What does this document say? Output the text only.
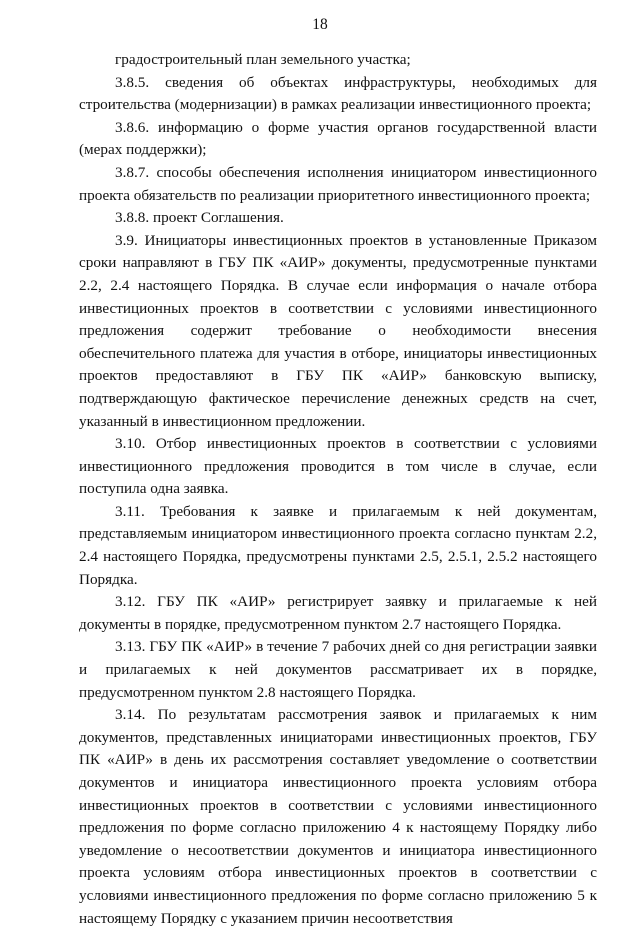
18

градостроительный план земельного участка;

3.8.5. сведения об объектах инфраструктуры, необходимых для строительства (модернизации) в рамках реализации инвестиционного проекта;

3.8.6. информацию о форме участия органов государственной власти (мерах поддержки);

3.8.7. способы обеспечения исполнения инициатором инвестиционного проекта обязательств по реализации приоритетного инвестиционного проекта;

3.8.8. проект Соглашения.

3.9. Инициаторы инвестиционных проектов в установленные Приказом сроки направляют в ГБУ ПК «АИР» документы, предусмотренные пунктами 2.2, 2.4 настоящего Порядка. В случае если информация о начале отбора инвестиционных проектов в соответствии с условиями инвестиционного предложения содержит требование о необходимости внесения обеспечительного платежа для участия в отборе, инициаторы инвестиционных проектов предоставляют в ГБУ ПК «АИР» банковскую выписку, подтверждающую фактическое перечисление денежных средств на счет, указанный в инвестиционном предложении.

3.10. Отбор инвестиционных проектов в соответствии с условиями инвестиционного предложения проводится в том числе в случае, если поступила одна заявка.

3.11. Требования к заявке и прилагаемым к ней документам, представляемым инициатором инвестиционного проекта согласно пунктам 2.2, 2.4 настоящего Порядка, предусмотрены пунктами 2.5, 2.5.1, 2.5.2 настоящего Порядка.

3.12. ГБУ ПК «АИР» регистрирует заявку и прилагаемые к ней документы в порядке, предусмотренном пунктом 2.7 настоящего Порядка.

3.13. ГБУ ПК «АИР» в течение 7 рабочих дней со дня регистрации заявки и прилагаемых к ней документов рассматривает их в порядке, предусмотренном пунктом 2.8 настоящего Порядка.

3.14. По результатам рассмотрения заявок и прилагаемых к ним документов, представленных инициаторами инвестиционных проектов, ГБУ ПК «АИР» в день их рассмотрения составляет уведомление о соответствии документов и инициатора инвестиционного проекта условиям отбора инвестиционных проектов в соответствии с условиями инвестиционного предложения по форме согласно приложению 4 к настоящему Порядку либо уведомление о несоответствии документов и инициатора инвестиционного проекта условиям отбора инвестиционных проектов в соответствии с условиями инвестиционного предложения по форме согласно приложению 5 к настоящему Порядку с указанием причин несоответствия
